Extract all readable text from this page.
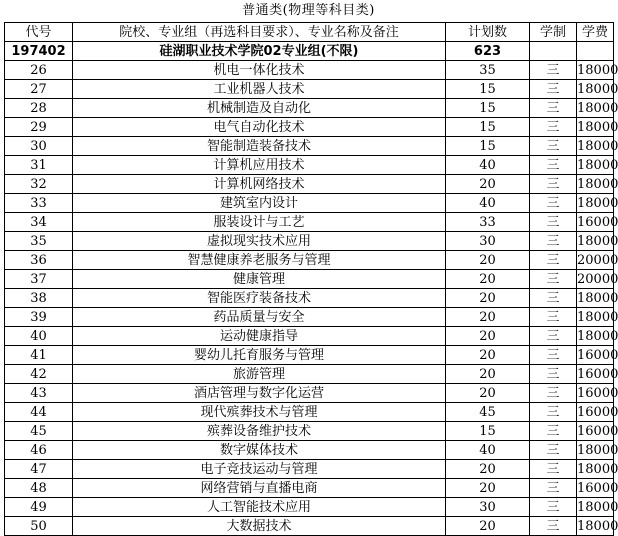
普通类(物理等科目类)
代号	院校、专业组（再选科目要求）、专业名称及备注	计划数	学制	学费
197402	硅湖职业技术学院02专业组(不限)	623		
26	机电一体化技术	35	三	18000
27	工业机器人技术	15	三	18000
28	机械制造及自动化	15	三	18000
29	电气自动化技术	15	三	18000
30	智能制造装备技术	15	三	18000
31	计算机应用技术	40	三	18000
32	计算机网络技术	20	三	18000
33	建筑室内设计	40	三	18000
34	服装设计与工艺	33	三	16000
35	虚拟现实技术应用	30	三	18000
36	智慧健康养老服务与管理	20	三	20000
37	健康管理	20	三	20000
38	智能医疗装备技术	20	三	18000
39	药品质量与安全	20	三	18000
40	运动健康指导	20	三	18000
41	婴幼儿托育服务与管理	20	三	16000
42	旅游管理	20	三	16000
43	酒店管理与数字化运营	20	三	16000
44	现代殡葬技术与管理	45	三	16000
45	殡葬设备维护技术	15	三	16000
46	数字媒体技术	40	三	18000
47	电子竞技运动与管理	20	三	18000
48	网络营销与直播电商	20	三	16000
49	人工智能技术应用	30	三	18000
50	大数据技术	20	三	18000
